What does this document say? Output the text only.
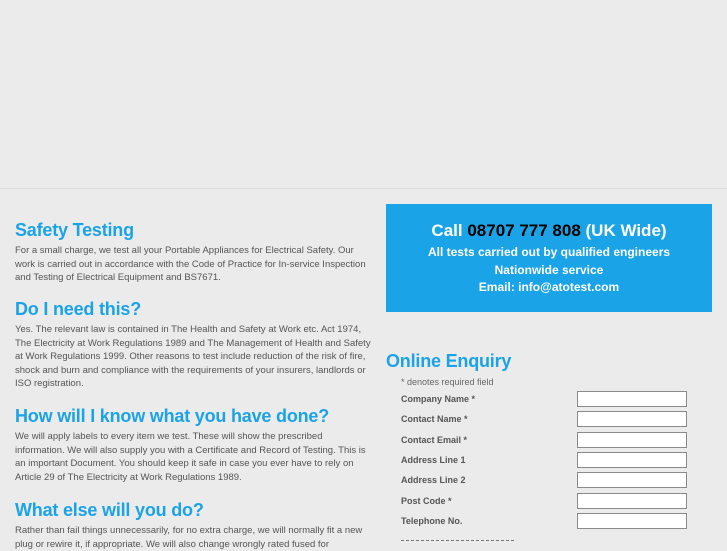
Safety Testing

For a small charge, we test all your Portable Appliances for Electrical Safety. Our work is carried out in accordance with the Code of Practice for In-service Inspection and Testing of Electrical Equipment and BS7671.

Do I need this?

Yes. The relevant law is contained in The Health and Safety at Work etc. Act 1974, The Electricity at Work Regulations 1989 and The Management of Health and Safety at Work Regulations 1999. Other reasons to test include reduction of the risk of fire, shock and burn and compliance with the requirements of your insurers, landlords or ISO registration.

How will I know what you have done?

We will apply labels to every item we test. These will show the prescribed information. We will also supply you with a Certificate and Record of Testing. This is an important Document. You should keep it safe in case you ever have to rely on Article 29 of The Electricity at Work Regulations 1989.

What else will you do?

Rather than fail things unnecessarily, for no extra charge, we will normally fit a new plug or rewire it, if appropriate. We will also change wrongly rated fused for

Call 08707 777 808 (UK Wide)
All tests carried out by qualified engineers
Nationwide service
Email: info@atotest.com
Online Enquiry
* denotes required field
Company Name *
Contact Name *
Contact Email *
Address Line 1
Address Line 2
Post Code *
Telephone No.
